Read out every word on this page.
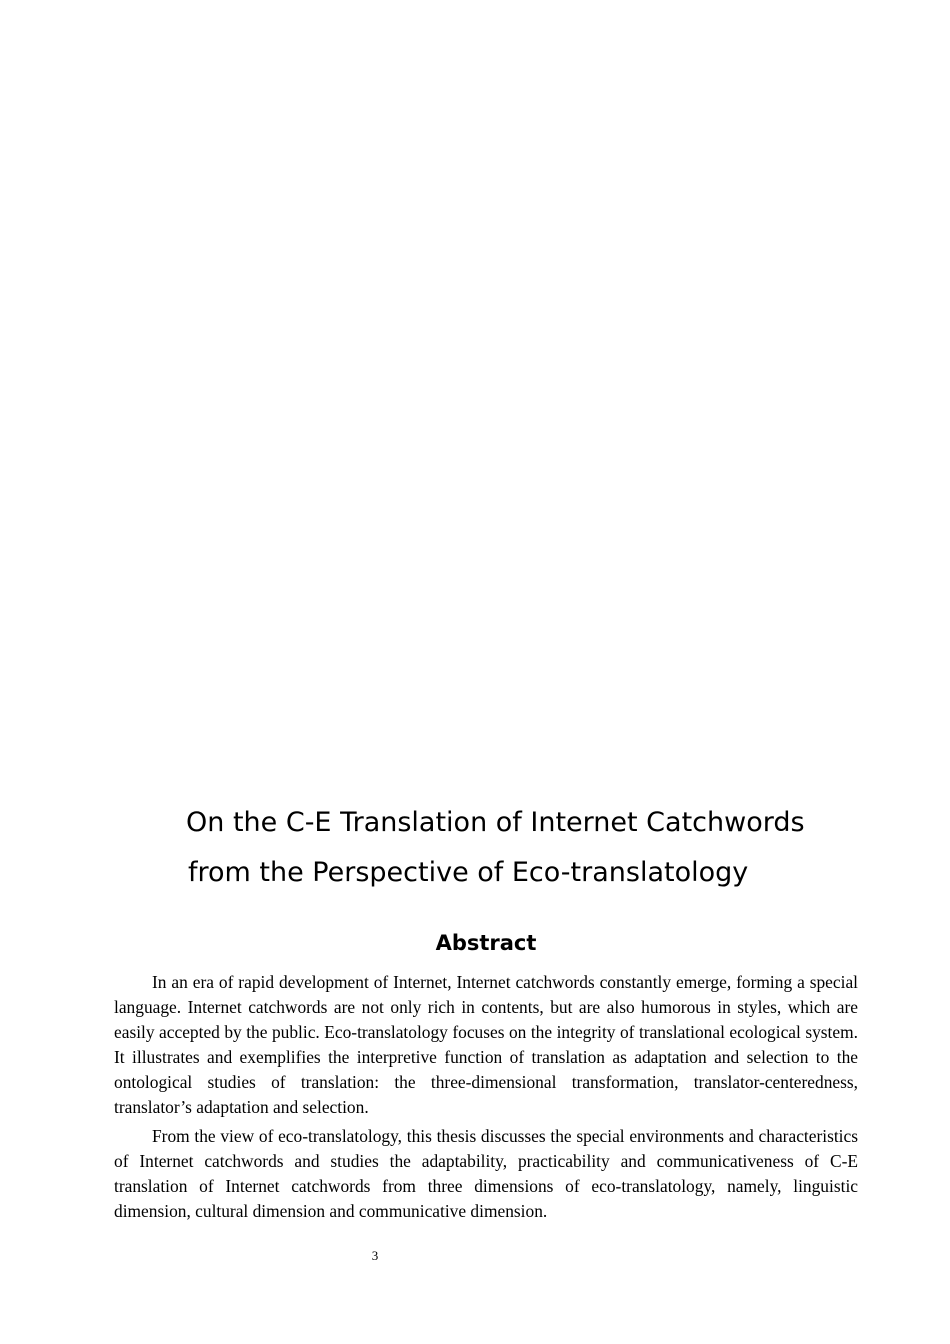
On the C-E Translation of Internet Catchwords
from the Perspective of Eco-translatology
Abstract

In an era of rapid development of Internet, Internet catchwords constantly emerge, forming a special language. Internet catchwords are not only rich in contents, but are also humorous in styles, which are easily accepted by the public. Eco-translatology focuses on the integrity of translational ecological system. It illustrates and exemplifies the interpretive function of translation as adaptation and selection to the ontological studies of translation: the three-dimensional transformation, translator-centeredness, translator’s adaptation and selection.

From the view of eco-translatology, this thesis discusses the special environments and characteristics of Internet catchwords and studies the adaptability, practicability and communicativeness of C-E translation of Internet catchwords from three dimensions of eco-translatology, namely, linguistic dimension, cultural dimension and communicative dimension.

3
